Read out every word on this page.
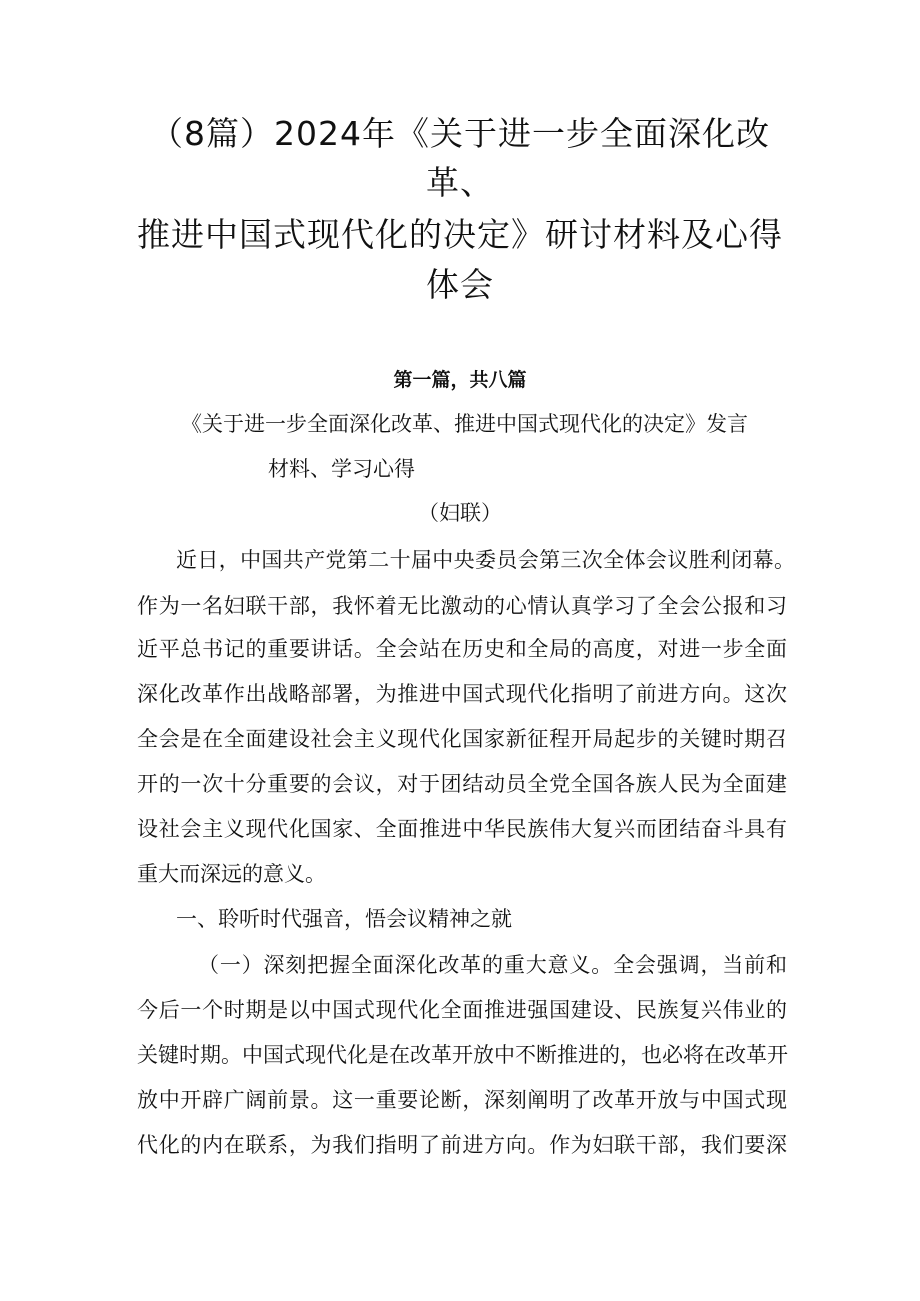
（8篇）2024年《关于进一步全面深化改
革、
推进中国式现代化的决定》研讨材料及心得
体会
第一篇，共八篇
《关于进一步全面深化改革、推进中国式现代化的决定》发言
材料、学习心得
（妇联）
近日，中国共产党第二十届中央委员会第三次全体会议胜利闭幕。
作为一名妇联干部，我怀着无比激动的心情认真学习了全会公报和习
近平总书记的重要讲话。全会站在历史和全局的高度，对进一步全面
深化改革作出战略部署，为推进中国式现代化指明了前进方向。这次
全会是在全面建设社会主义现代化国家新征程开局起步的关键时期召
开的一次十分重要的会议，对于团结动员全党全国各族人民为全面建
设社会主义现代化国家、全面推进中华民族伟大复兴而团结奋斗具有
重大而深远的意义。
一、聆听时代强音，悟会议精神之就
（一）深刻把握全面深化改革的重大意义。全会强调，当前和
今后一个时期是以中国式现代化全面推进强国建设、民族复兴伟业的
关键时期。中国式现代化是在改革开放中不断推进的，也必将在改革开
放中开辟广阔前景。这一重要论断，深刻阐明了改革开放与中国式现
代化的内在联系，为我们指明了前进方向。作为妇联干部，我们要深
